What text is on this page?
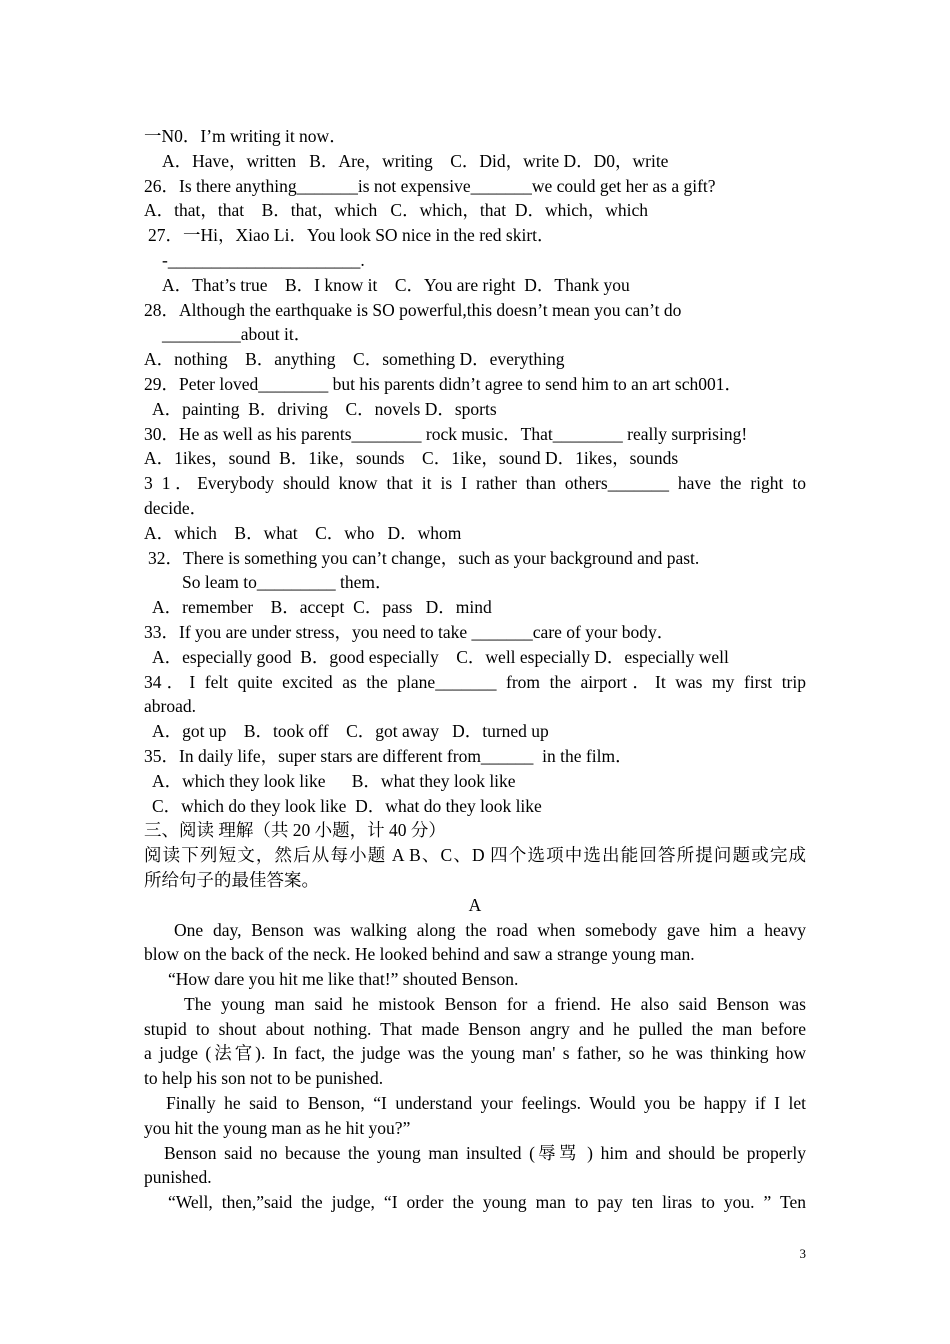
一N0．I’m writing it now．
A．Have，written   B．Are，writing    C．Did，write D．D0，write
26．Is there anything_______is not expensive_______we could get her as a gift?
A．that，that    B．that，which   C．which，that  D．which，which
27．一Hi，Xiao Li．You look SO nice in the red skirt．
-______________________.
A．That’s true    B．I know it    C．You are right  D．Thank you
28．Although the earthquake is SO powerful,this doesn’t mean you can’t do
_________about it．
A．nothing    B．anything    C．something D．everything
29．Peter loved________ but his parents didn’t agree to send him to an art sch001．
A．painting  B．driving    C．novels D．sports
30．He as well as his parents________ rock music．That________ really surprising!
A．1ikes，sound  B．1ike，sounds    C．1ike，sound D．1ikes，sounds
3 1．Everybody should know that it is I rather than others_______ have the right to
decide．
A．which    B．what    C．who   D．whom
32．There is something you can’t change，such as your background and past.
So leam to_________ them．
A．remember    B．accept  C．pass   D．mind
33．If you are under stress，you need to take _______care of your body．
A．especially good  B．good especially    C．well especially D．especially well
34．I felt quite excited as the plane_______ from the airport．It was my first trip
abroad.
A．got up    B．took off    C．got away   D．turned up
35．In daily life，super stars are different from______  in the film．
A．which they look like      B．what they look like
C．which do they look like  D．what do they look like
三、阅读 理解（共 20 小题，计 40 分）
阅读下列短文，然后从每小题 A B、C、D 四个选项中选出能回答所提问题或完成
所给句子的最佳答案。
A
One day, Benson was walking along the road when somebody gave him a heavy
blow on the back of the neck. He looked behind and saw a strange young man.
“How dare you hit me like that!” shouted Benson.
The young man said he mistook Benson for a friend. He also said Benson was
stupid to shout about nothing. That made Benson angry and he pulled the man before
a judge (法官). In fact, the judge was the young man' s father, so he was thinking how
to help his son not to be punished.
Finally he said to Benson, “I understand your feelings. Would you be happy if I let
you hit the young man as he hit you?”
Benson said no because the young man insulted (辱骂 ) him and should be properly
punished.
“Well, then,”said the judge, “I order the young man to pay ten liras to you. ” Ten
3
